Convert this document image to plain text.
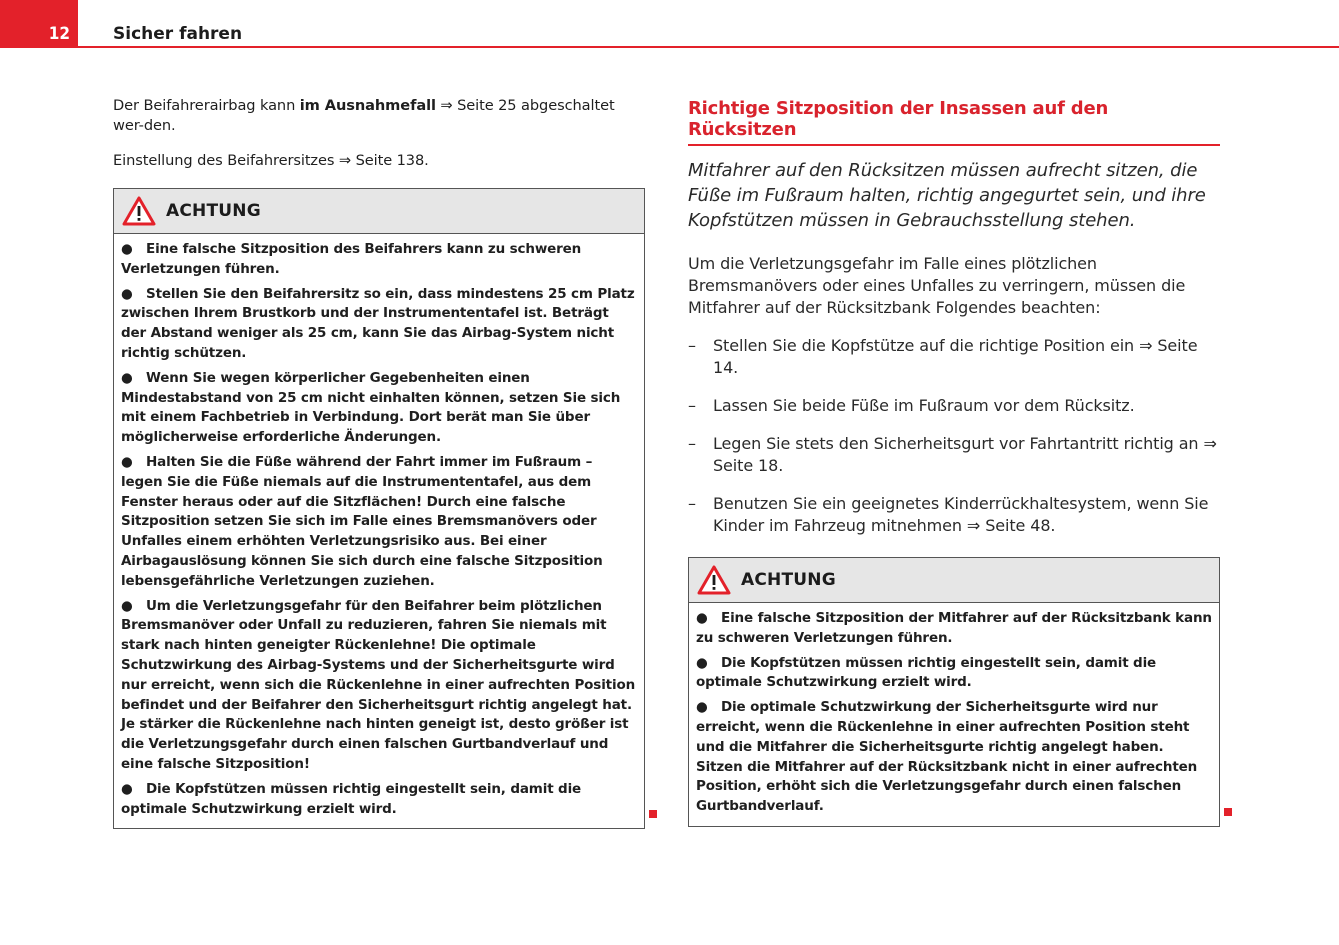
12	Sicher fahren

Der Beifahrerairbag kann im Ausnahmefall ⇒ Seite 25 abgeschaltet wer-den.

Einstellung des Beifahrersitzes ⇒ Seite 138.

ACHTUNG

● Eine falsche Sitzposition des Beifahrers kann zu schweren Verletzungen führen.

● Stellen Sie den Beifahrersitz so ein, dass mindestens 25 cm Platz zwischen Ihrem Brustkorb und der Instrumententafel ist. Beträgt der Abstand weniger als 25 cm, kann Sie das Airbag-System nicht richtig schützen.

● Wenn Sie wegen körperlicher Gegebenheiten einen Mindestabstand von 25 cm nicht einhalten können, setzen Sie sich mit einem Fachbetrieb in Verbindung. Dort berät man Sie über möglicherweise erforderliche Änderungen.

● Halten Sie die Füße während der Fahrt immer im Fußraum – legen Sie die Füße niemals auf die Instrumententafel, aus dem Fenster heraus oder auf die Sitzflächen! Durch eine falsche Sitzposition setzen Sie sich im Falle eines Bremsmanövers oder Unfalles einem erhöhten Verletzungsrisiko aus. Bei einer Airbagauslösung können Sie sich durch eine falsche Sitzposition lebensgefährliche Verletzungen zuziehen.

● Um die Verletzungsgefahr für den Beifahrer beim plötzlichen Bremsmanöver oder Unfall zu reduzieren, fahren Sie niemals mit stark nach hinten geneigter Rückenlehne! Die optimale Schutzwirkung des Airbag-Systems und der Sicherheitsgurte wird nur erreicht, wenn sich die Rückenlehne in einer aufrechten Position befindet und der Beifahrer den Sicherheitsgurt richtig angelegt hat. Je stärker die Rückenlehne nach hinten geneigt ist, desto größer ist die Verletzungsgefahr durch einen falschen Gurtbandverlauf und eine falsche Sitzposition!

● Die Kopfstützen müssen richtig eingestellt sein, damit die optimale Schutzwirkung erzielt wird.

Richtige Sitzposition der Insassen auf den Rücksitzen

Mitfahrer auf den Rücksitzen müssen aufrecht sitzen, die Füße im Fußraum halten, richtig angegurtet sein, und ihre Kopfstützen müssen in Gebrauchsstellung stehen.

Um die Verletzungsgefahr im Falle eines plötzlichen Bremsmanövers oder eines Unfalles zu verringern, müssen die Mitfahrer auf der Rücksitzbank Folgendes beachten:

–	Stellen Sie die Kopfstütze auf die richtige Position ein ⇒ Seite 14.
–	Lassen Sie beide Füße im Fußraum vor dem Rücksitz.
–	Legen Sie stets den Sicherheitsgurt vor Fahrtantritt richtig an ⇒ Seite 18.
–	Benutzen Sie ein geeignetes Kinderrückhaltesystem, wenn Sie Kinder im Fahrzeug mitnehmen ⇒ Seite 48.
ACHTUNG

● Eine falsche Sitzposition der Mitfahrer auf der Rücksitzbank kann zu schweren Verletzungen führen.

● Die Kopfstützen müssen richtig eingestellt sein, damit die optimale Schutzwirkung erzielt wird.

● Die optimale Schutzwirkung der Sicherheitsgurte wird nur erreicht, wenn die Rückenlehne in einer aufrechten Position steht und die Mitfahrer die Sicherheitsgurte richtig angelegt haben. Sitzen die Mitfahrer auf der Rücksitzbank nicht in einer aufrechten Position, erhöht sich die Verletzungsgefahr durch einen falschen Gurtbandverlauf.
